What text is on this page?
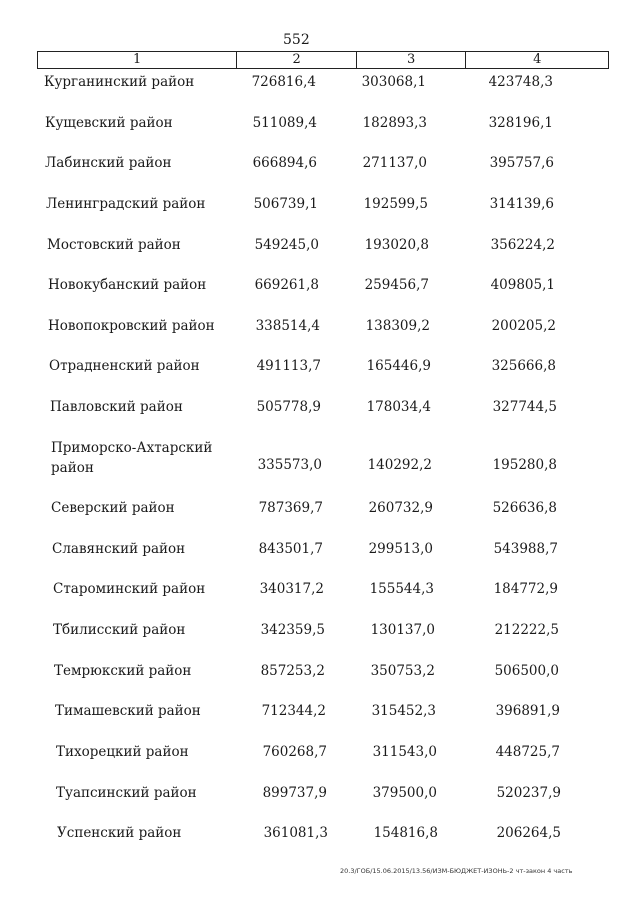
552
1	2	3	4
Курганинский район	726816,4	303068,1	423748,3
Кущевский район	511089,4	182893,3	328196,1
Лабинский район	666894,6	271137,0	395757,6
Ленинградский район	506739,1	192599,5	314139,6
Мостовский район	549245,0	193020,8	356224,2
Новокубанский район	669261,8	259456,7	409805,1
Новопокровский район	338514,4	138309,2	200205,2
Отрадненский район	491113,7	165446,9	325666,8
Павловский район	505778,9	178034,4	327744,5
Приморско-Ахтарский район	335573,0	140292,2	195280,8
Северский район	787369,7	260732,9	526636,8
Славянский район	843501,7	299513,0	543988,7
Староминский район	340317,2	155544,3	184772,9
Тбилисский район	342359,5	130137,0	212222,5
Темрюкский район	857253,2	350753,2	506500,0
Тимашевский район	712344,2	315452,3	396891,9
Тихорецкий район	760268,7	311543,0	448725,7
Туапсинский район	899737,9	379500,0	520237,9
Успенский район	361081,3	154816,8	206264,5
20.3/ГОБ/15.06.2015/13.56/ИЗМ-БЮДЖЕТ-ИЗОНЬ-2 чт-закон 4 часть
